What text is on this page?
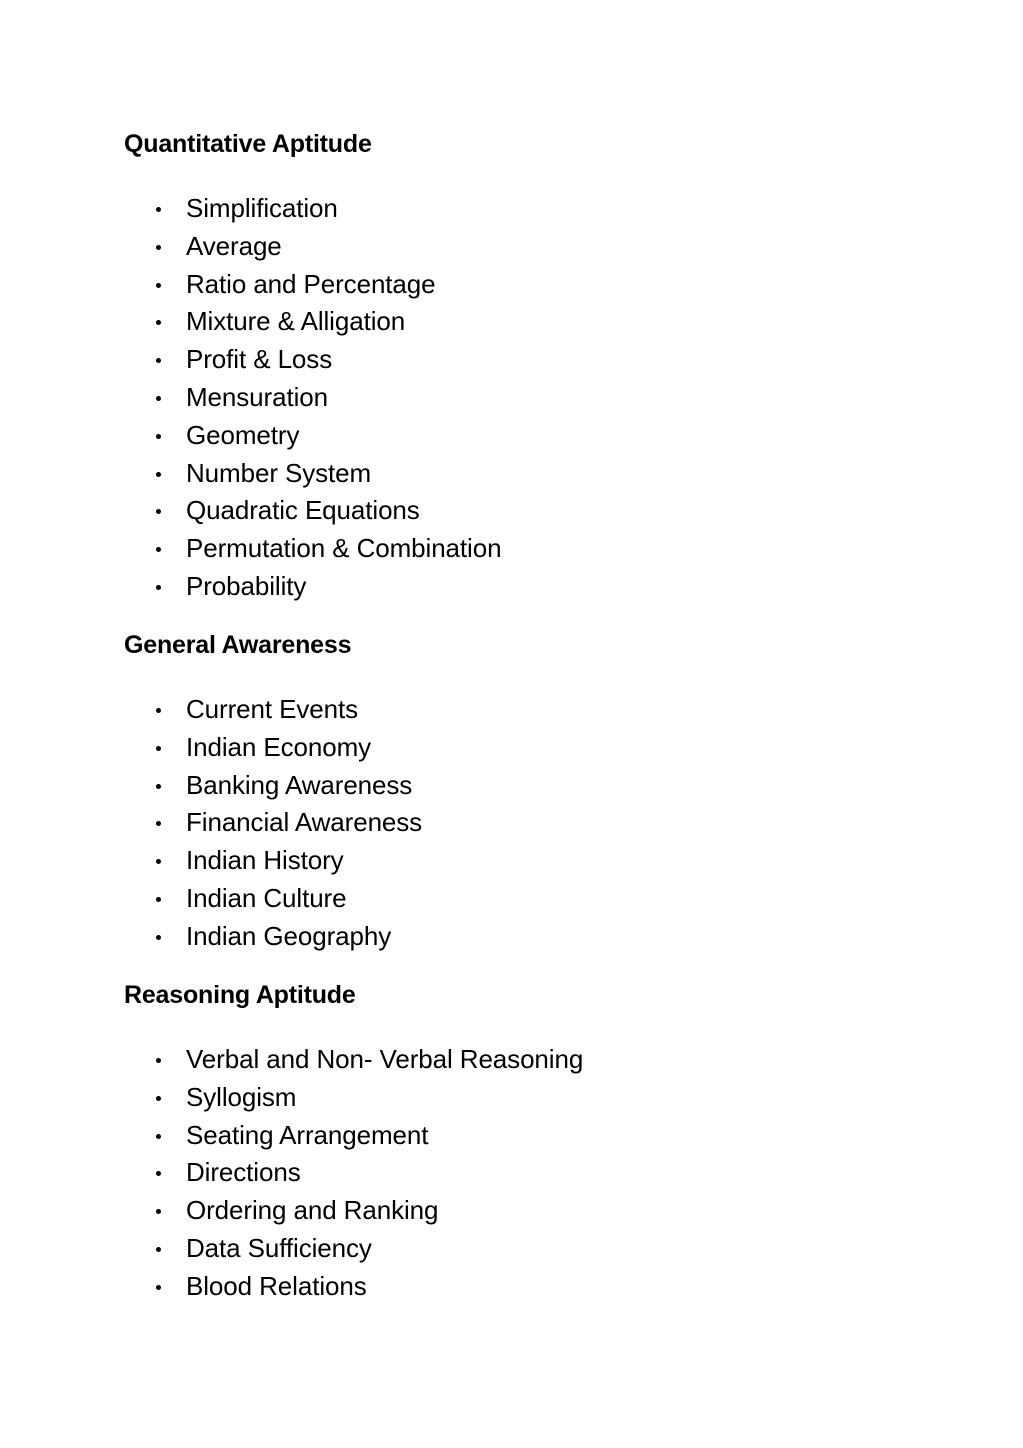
Quantitative Aptitude
Simplification
Average
Ratio and Percentage
Mixture & Alligation
Profit & Loss
Mensuration
Geometry
Number System
Quadratic Equations
Permutation & Combination
Probability
General Awareness
Current Events
Indian Economy
Banking Awareness
Financial Awareness
Indian History
Indian Culture
Indian Geography
Reasoning Aptitude
Verbal and Non- Verbal Reasoning
Syllogism
Seating Arrangement
Directions
Ordering and Ranking
Data Sufficiency
Blood Relations
